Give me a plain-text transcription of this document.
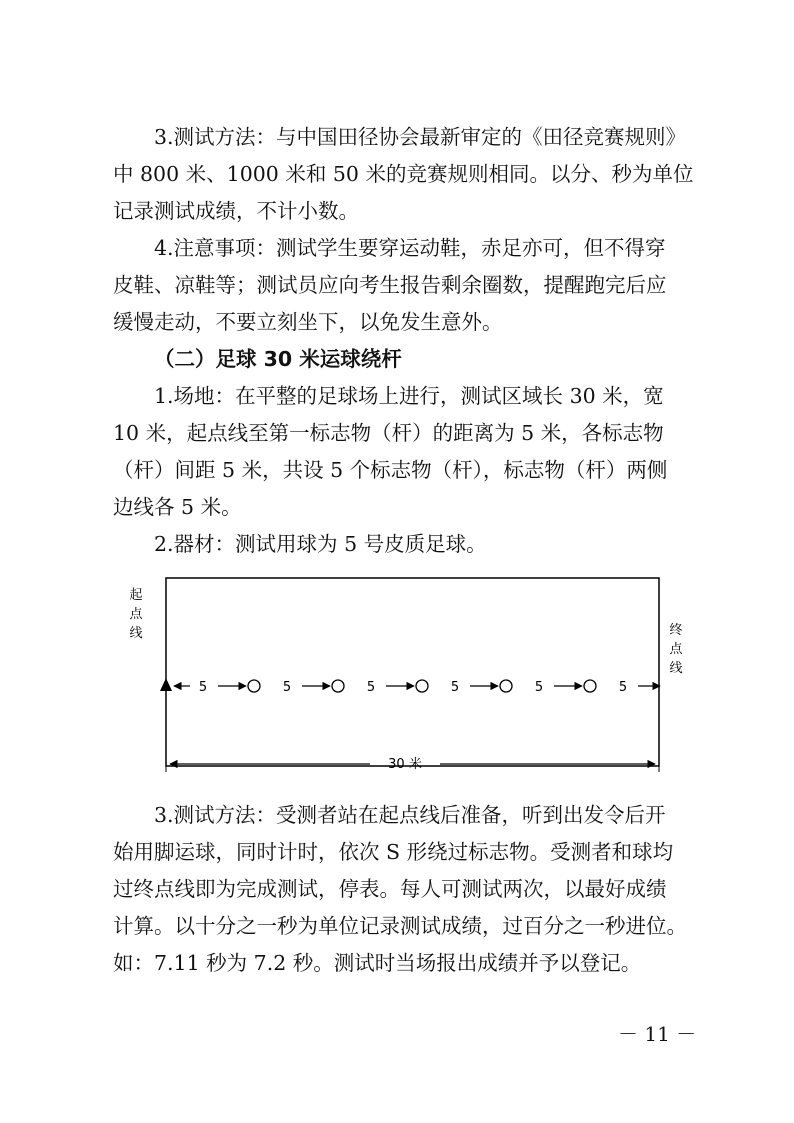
3.测试方法：与中国田径协会最新审定的《田径竞赛规则》
中 800 米、1000 米和 50 米的竞赛规则相同。以分、秒为单位
记录测试成绩，不计小数。

4.注意事项：测试学生要穿运动鞋，赤足亦可，但不得穿
皮鞋、凉鞋等；测试员应向考生报告剩余圈数，提醒跑完后应
缓慢走动，不要立刻坐下，以免发生意外。

（二）足球 30 米运球绕杆

1.场地：在平整的足球场上进行，测试区域长 30 米，宽
10 米，起点线至第一标志物（杆）的距离为 5 米，各标志物
（杆）间距 5 米，共设 5 个标志物（杆），标志物（杆）两侧
边线各 5 米。

2.器材：测试用球为 5 号皮质足球。

起
点
线	终
点
线
5	5	5	5	5	5
30 米

3.测试方法：受测者站在起点线后准备，听到出发令后开
始用脚运球，同时计时，依次 S 形绕过标志物。受测者和球均
过终点线即为完成测试，停表。每人可测试两次，以最好成绩
计算。以十分之一秒为单位记录测试成绩，过百分之一秒进位。
如：7.11 秒为 7.2 秒。测试时当场报出成绩并予以登记。

－ 11 －
